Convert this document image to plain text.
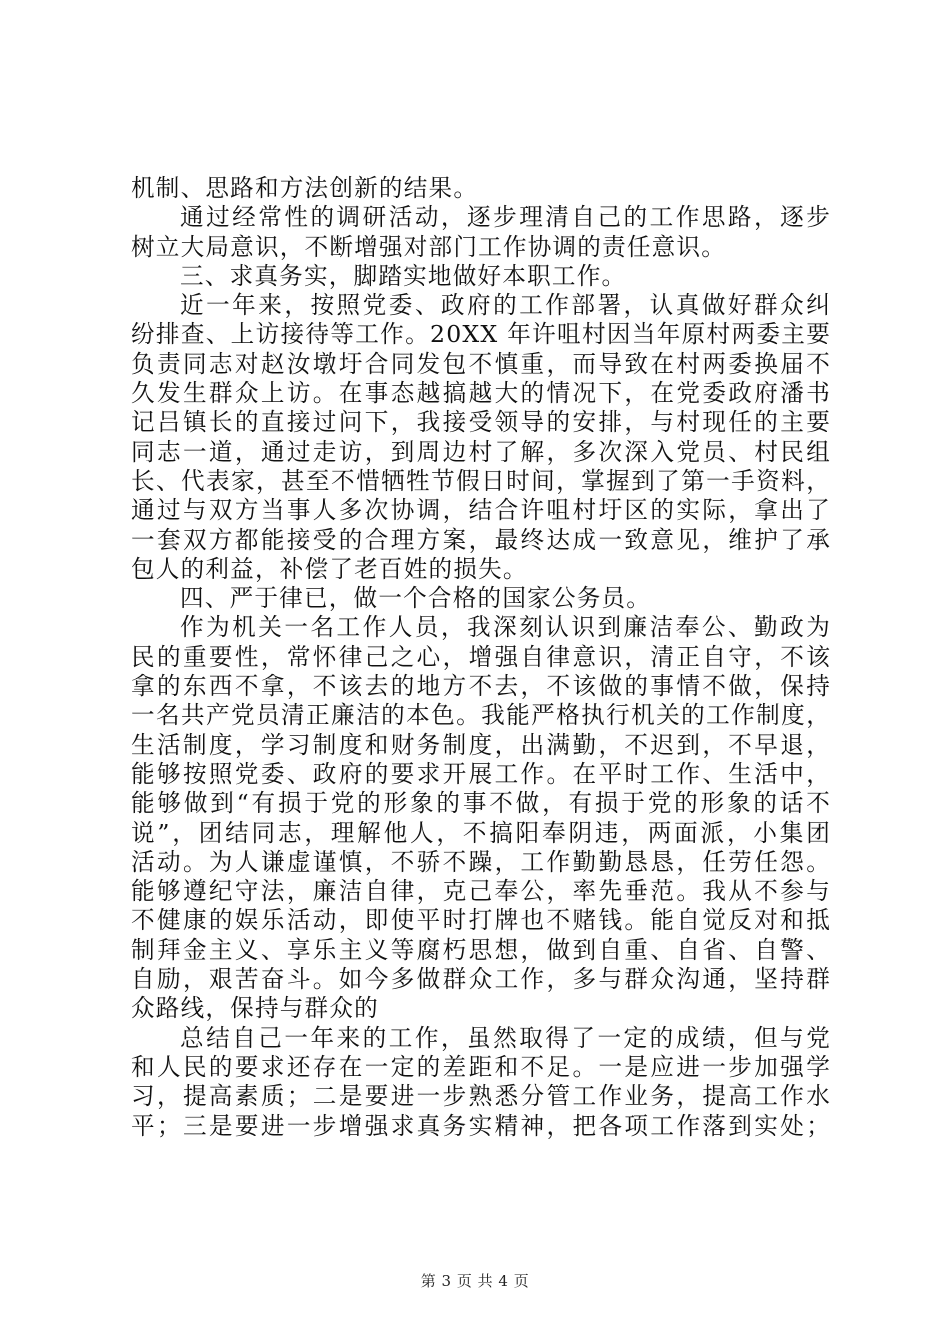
机制、思路和方法创新的结果。
通过经常性的调研活动，逐步理清自己的工作思路，逐步
树立大局意识，不断增强对部门工作协调的责任意识。
三、求真务实，脚踏实地做好本职工作。
近一年来，按照党委、政府的工作部署，认真做好群众纠
纷排查、上访接待等工作。20XX 年许咀村因当年原村两委主要
负责同志对赵汝墩圩合同发包不慎重，而导致在村两委换届不
久发生群众上访。在事态越搞越大的情况下，在党委政府潘书
记吕镇长的直接过问下，我接受领导的安排，与村现任的主要
同志一道，通过走访，到周边村了解，多次深入党员、村民组
长、代表家，甚至不惜牺牲节假日时间，掌握到了第一手资料，
通过与双方当事人多次协调，结合许咀村圩区的实际，拿出了
一套双方都能接受的合理方案，最终达成一致意见，维护了承
包人的利益，补偿了老百姓的损失。
四、严于律已，做一个合格的国家公务员。
作为机关一名工作人员，我深刻认识到廉洁奉公、勤政为
民的重要性，常怀律己之心，增强自律意识，清正自守，不该
拿的东西不拿，不该去的地方不去，不该做的事情不做，保持
一名共产党员清正廉洁的本色。我能严格执行机关的工作制度，
生活制度，学习制度和财务制度，出满勤，不迟到，不早退，
能够按照党委、政府的要求开展工作。在平时工作、生活中，
能够做到“有损于党的形象的事不做，有损于党的形象的话不
说”，团结同志，理解他人，不搞阳奉阴违，两面派，小集团
活动。为人谦虚谨慎，不骄不躁，工作勤勤恳恳，任劳任怨。
能够遵纪守法，廉洁自律，克己奉公，率先垂范。我从不参与
不健康的娱乐活动，即使平时打牌也不赌钱。能自觉反对和抵
制拜金主义、享乐主义等腐朽思想，做到自重、自省、自警、
自励，艰苦奋斗。如今多做群众工作，多与群众沟通，坚持群
众路线，保持与群众的
总结自己一年来的工作，虽然取得了一定的成绩，但与党
和人民的要求还存在一定的差距和不足。一是应进一步加强学
习，提高素质；二是要进一步熟悉分管工作业务，提高工作水
平；三是要进一步增强求真务实精神，把各项工作落到实处；
第 3 页 共 4 页
